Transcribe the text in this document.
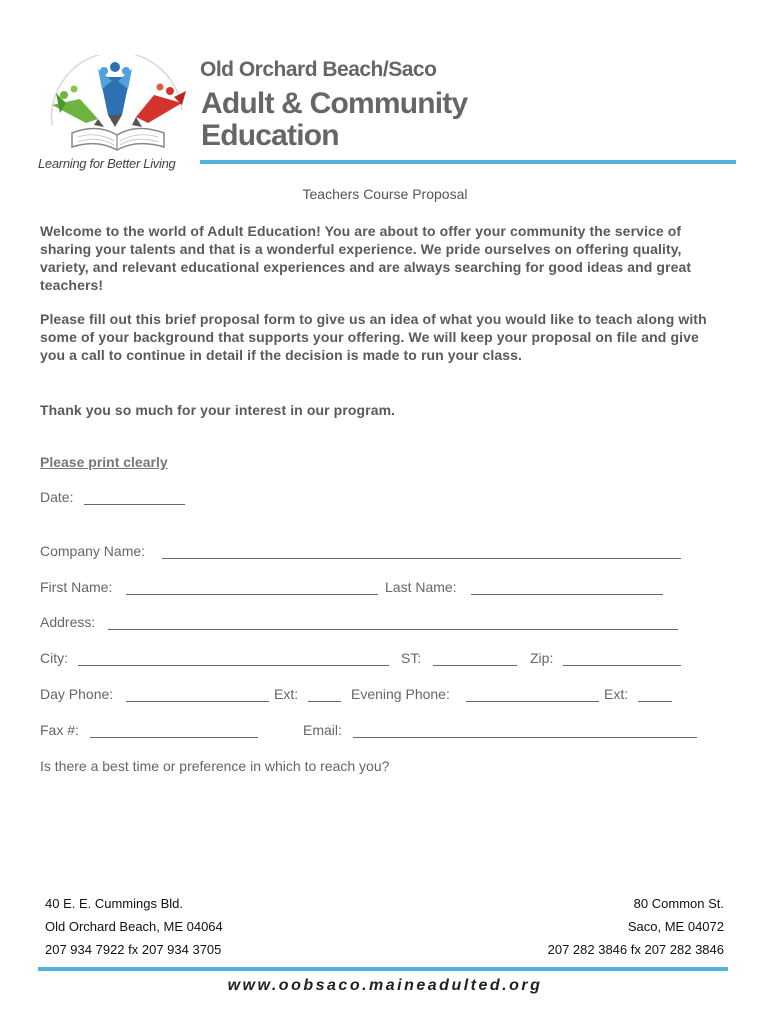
Old Orchard Beach/Saco
Adult & Community
Education
Learning for Better Living
Teachers Course Proposal
Welcome to the world of Adult Education! You are about to offer your community the service of sharing your talents and that is a wonderful experience. We pride ourselves on offering quality, variety, and relevant educational experiences and are always searching for good ideas and great teachers!
Please fill out this brief proposal form to give us an idea of what you would like to teach along with some of your background that supports your offering. We will keep your proposal on file and give you a call to continue in detail if the decision is made to run your class.
Thank you so much for your interest in our program.
Please print clearly
Date:
Company Name:
First Name:	Last Name:
Address:
City:	ST:	Zip:
Day Phone:	Ext:	Evening Phone:	Ext:
Fax #:	Email:
Is there a best time or preference in which to reach you?
40 E. E. Cummings Bld.
Old Orchard Beach, ME 04064
207 934 7922 fx 207 934 3705
80 Common St.
Saco, ME 04072
207 282 3846 fx 207 282 3846
www.oobsaco.maineadulted.org
